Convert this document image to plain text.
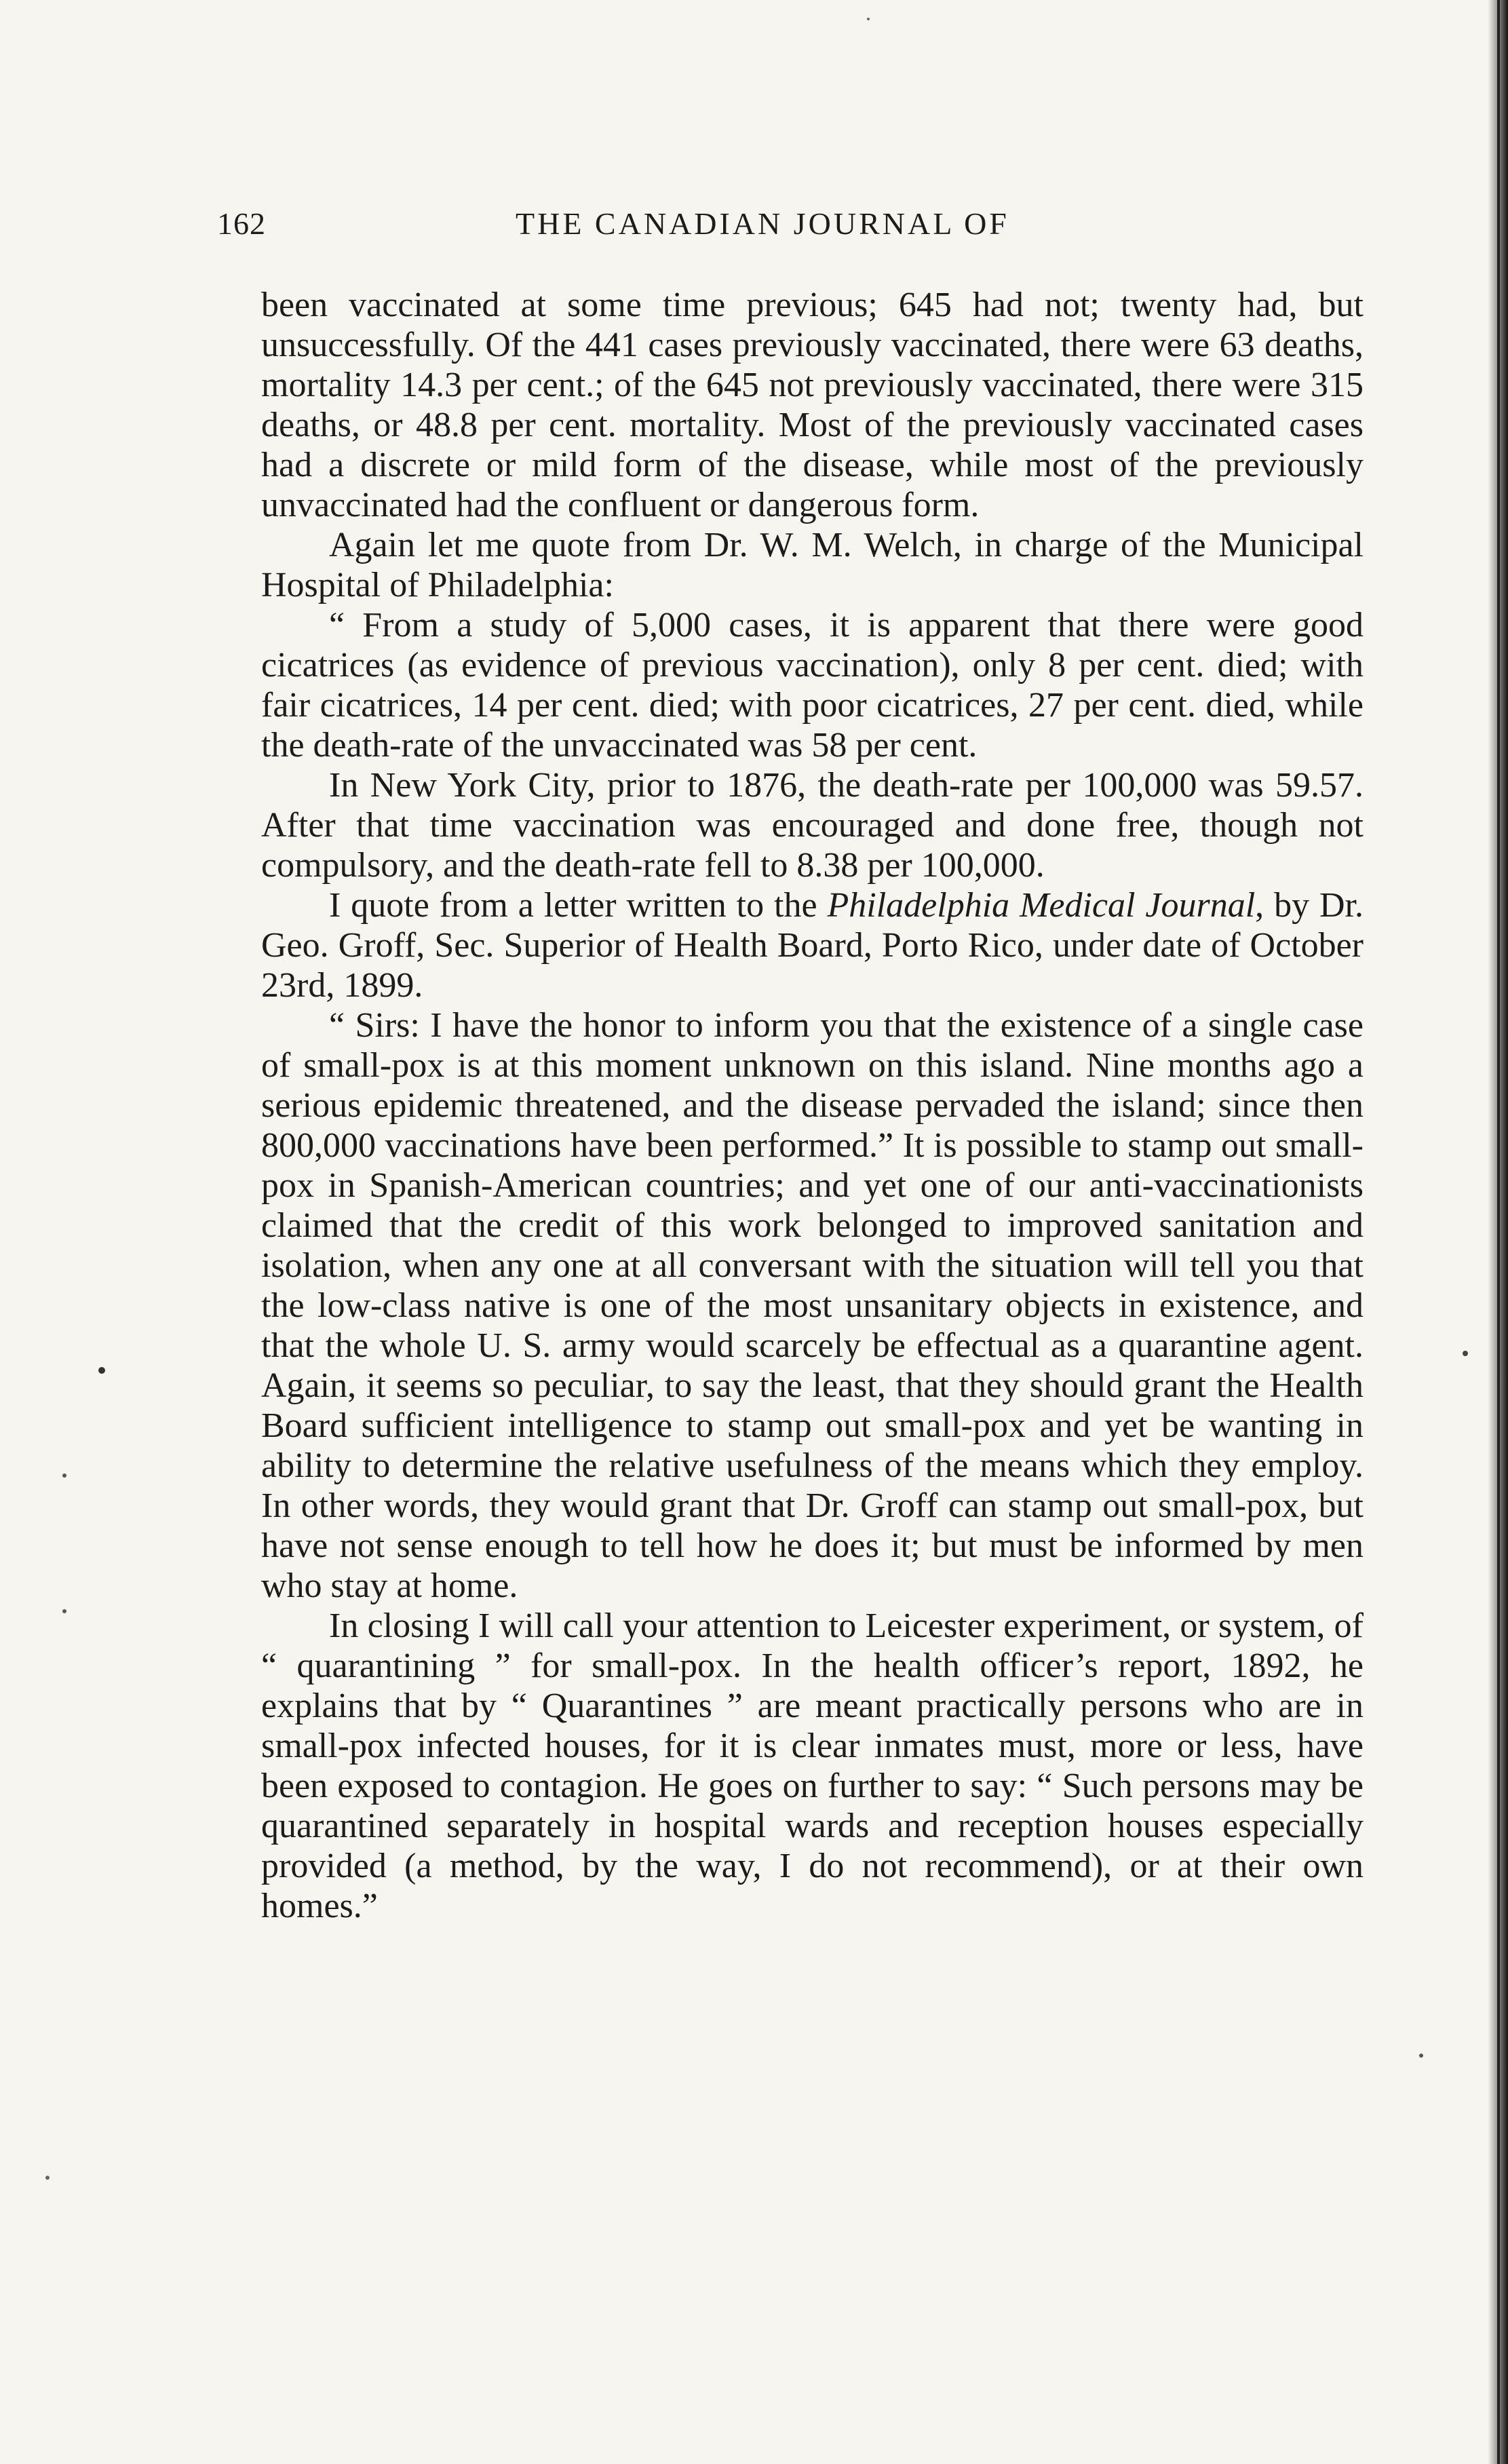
162	THE CANADIAN JOURNAL OF

been vaccinated at some time previous; 645 had not; twenty had, but unsuccessfully. Of the 441 cases previously vaccinated, there were 63 deaths, mortality 14.3 per cent.; of the 645 not previously vaccinated, there were 315 deaths, or 48.8 per cent. mortality. Most of the previously vaccinated cases had a discrete or mild form of the disease, while most of the previously unvaccinated had the confluent or dangerous form.

Again let me quote from Dr. W. M. Welch, in charge of the Municipal Hospital of Philadelphia:

“ From a study of 5,000 cases, it is apparent that there were good cicatrices (as evidence of previous vaccination), only 8 per cent. died; with fair cicatrices, 14 per cent. died; with poor cicatrices, 27 per cent. died, while the death-rate of the unvaccinated was 58 per cent.

In New York City, prior to 1876, the death-rate per 100,000 was 59.57. After that time vaccination was encouraged and done free, though not compulsory, and the death-rate fell to 8.38 per 100,000.

I quote from a letter written to the Philadelphia Medical Journal, by Dr. Geo. Groff, Sec. Superior of Health Board, Porto Rico, under date of October 23rd, 1899.

“ Sirs: I have the honor to inform you that the existence of a single case of small-pox is at this moment unknown on this island. Nine months ago a serious epidemic threatened, and the disease pervaded the island; since then 800,000 vaccinations have been performed.” It is possible to stamp out small-pox in Spanish-American countries; and yet one of our anti-vaccinationists claimed that the credit of this work belonged to improved sanitation and isolation, when any one at all conversant with the situation will tell you that the low-class native is one of the most unsanitary objects in existence, and that the whole U. S. army would scarcely be effectual as a quarantine agent. Again, it seems so peculiar, to say the least, that they should grant the Health Board sufficient intelligence to stamp out small-pox and yet be wanting in ability to determine the relative usefulness of the means which they employ. In other words, they would grant that Dr. Groff can stamp out small-pox, but have not sense enough to tell how he does it; but must be informed by men who stay at home.

In closing I will call your attention to Leicester experiment, or system, of “ quarantining ” for small-pox. In the health officer’s report, 1892, he explains that by “ Quarantines ” are meant practically persons who are in small-pox infected houses, for it is clear inmates must, more or less, have been exposed to contagion. He goes on further to say: “ Such persons may be quarantined separately in hospital wards and reception houses especially provided (a method, by the way, I do not recommend), or at their own homes.”
